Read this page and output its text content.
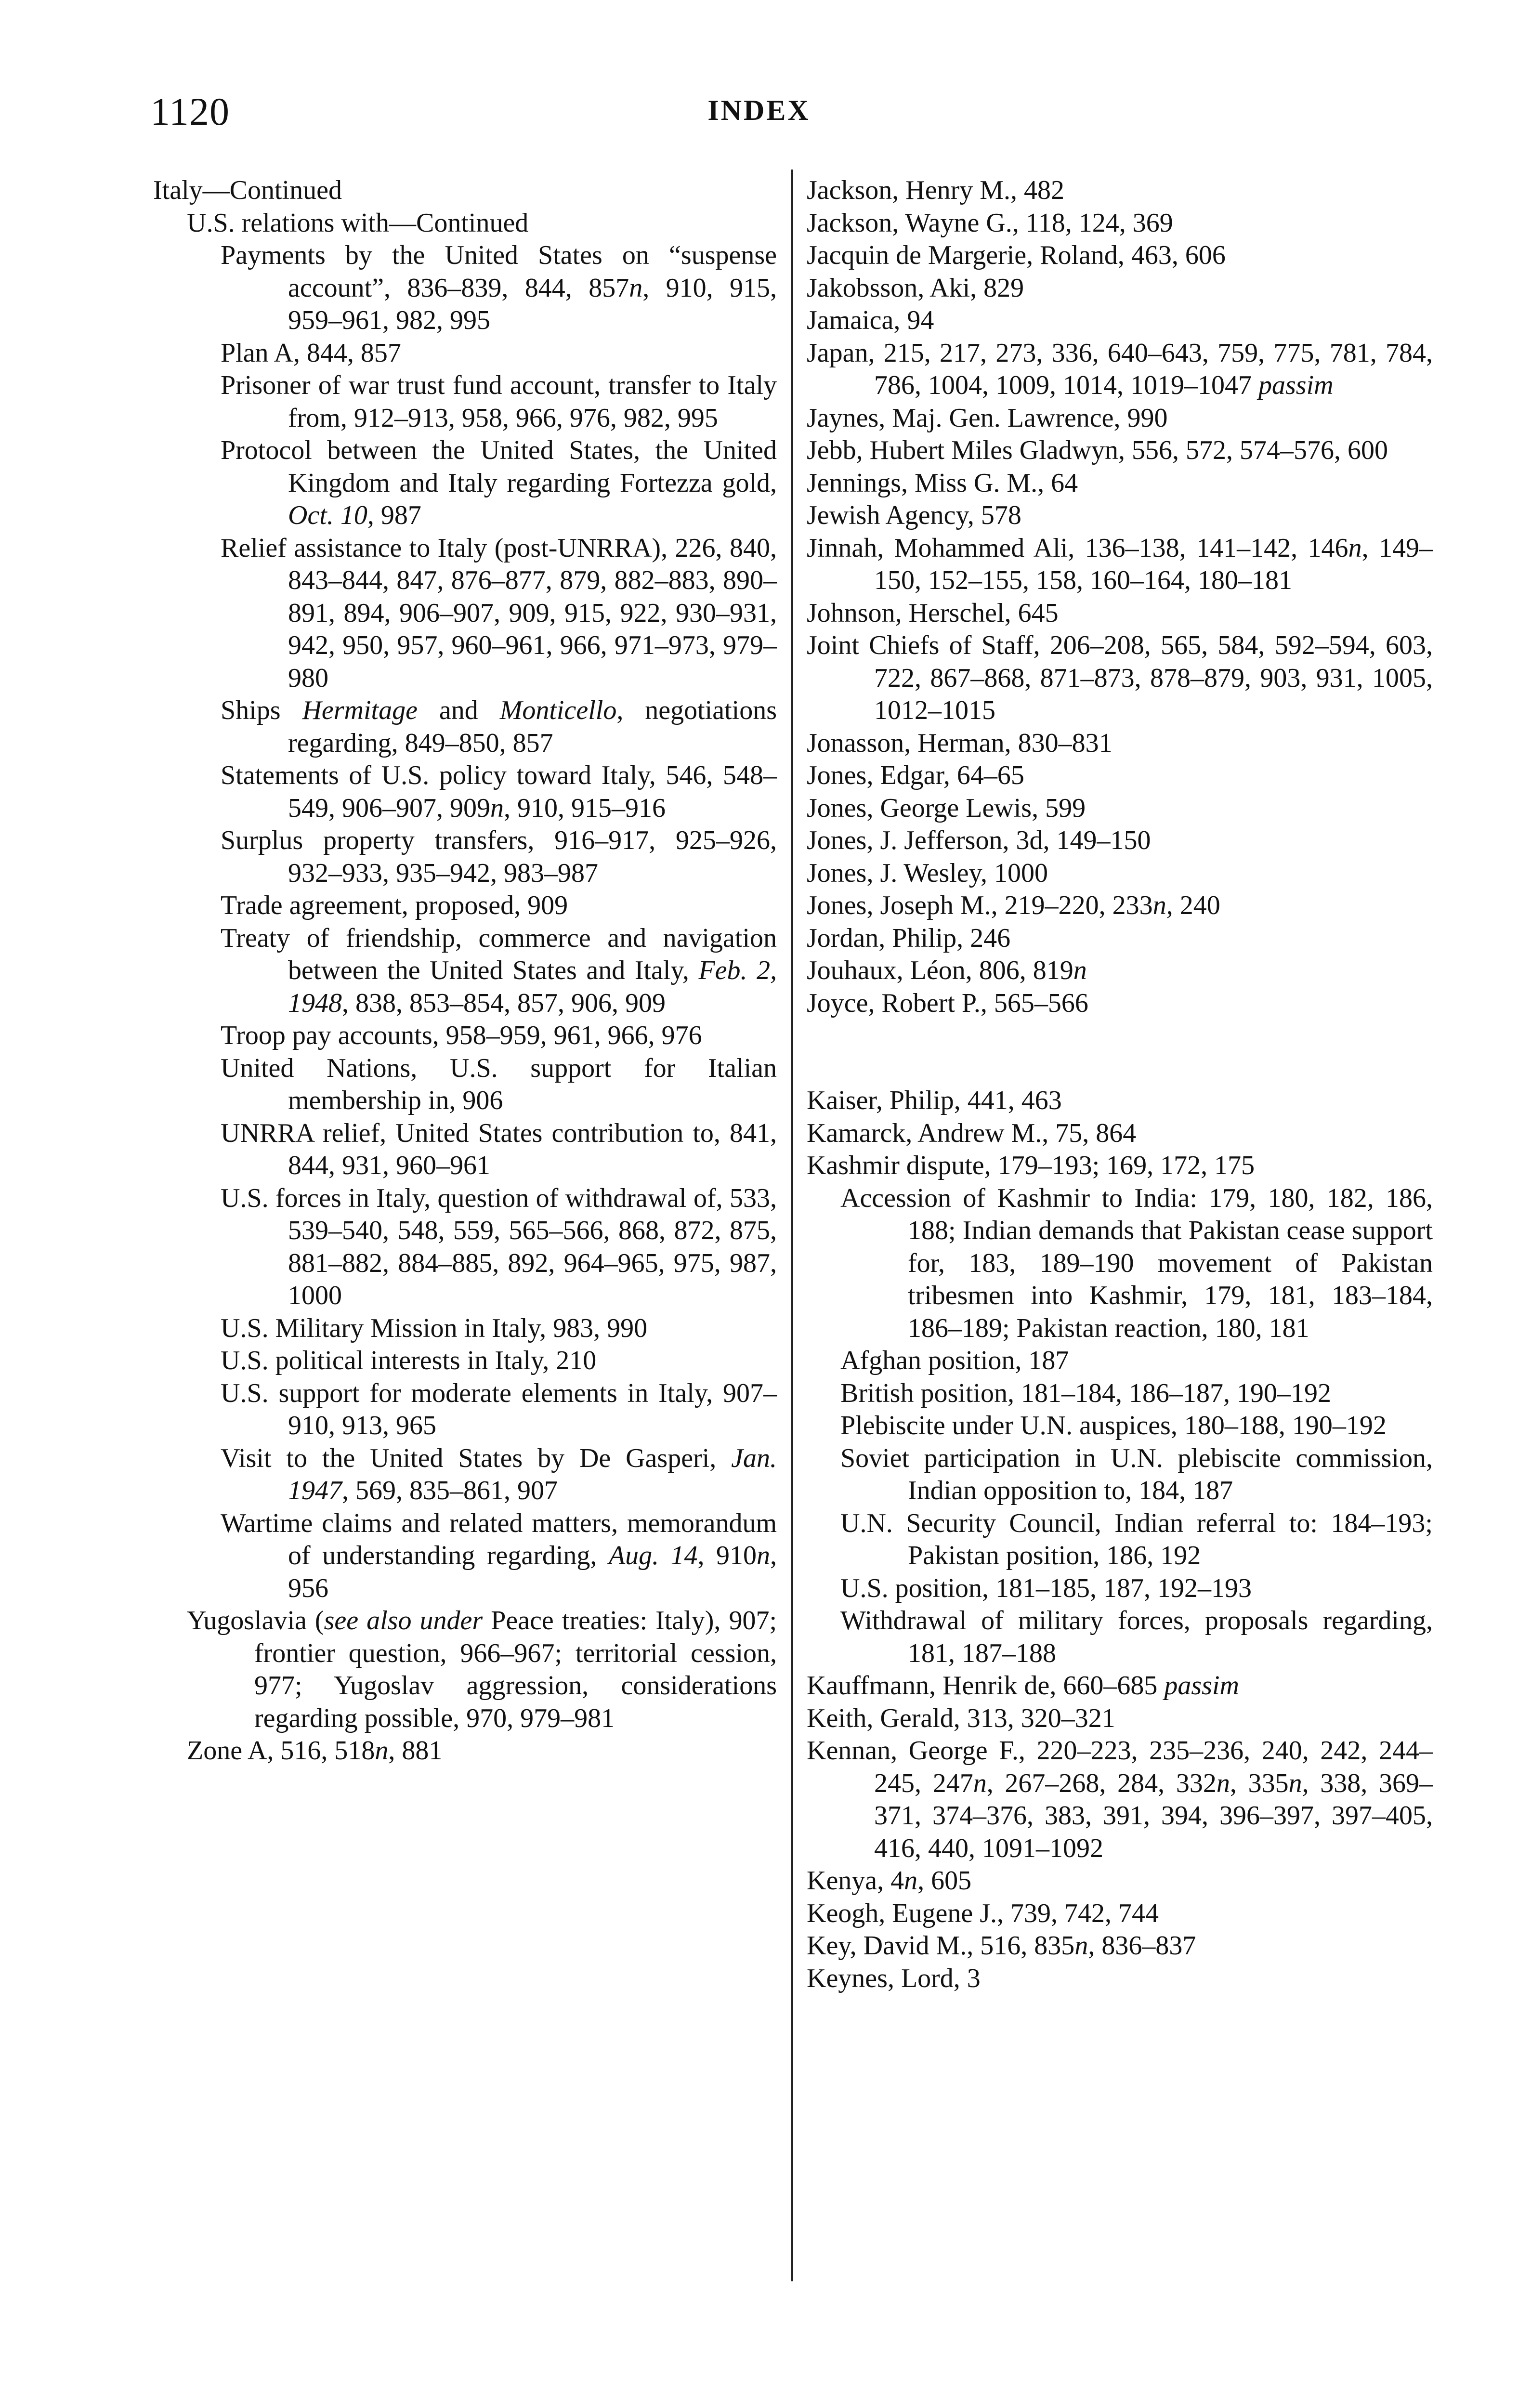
1120	INDEX
Italy—Continued
U.S. relations with—Continued
Payments by the United States on “suspense account”, 836–839, 844, 857n, 910, 915, 959–961, 982, 995
Plan A, 844, 857
Prisoner of war trust fund account, transfer to Italy from, 912–913, 958, 966, 976, 982, 995
Protocol between the United States, the United Kingdom and Italy regarding Fortezza gold, Oct. 10, 987
Relief assistance to Italy (post-UNRRA), 226, 840, 843–844, 847, 876–877, 879, 882–883, 890–891, 894, 906–907, 909, 915, 922, 930–931, 942, 950, 957, 960–961, 966, 971–973, 979–980
Ships Hermitage and Monticello, negotiations regarding, 849–850, 857
Statements of U.S. policy toward Italy, 546, 548–549, 906–907, 909n, 910, 915–916
Surplus property transfers, 916–917, 925–926, 932–933, 935–942, 983–987
Trade agreement, proposed, 909
Treaty of friendship, commerce and navigation between the United States and Italy, Feb. 2, 1948, 838, 853–854, 857, 906, 909
Troop pay accounts, 958–959, 961, 966, 976
United Nations, U.S. support for Italian membership in, 906
UNRRA relief, United States contribution to, 841, 844, 931, 960–961
U.S. forces in Italy, question of withdrawal of, 533, 539–540, 548, 559, 565–566, 868, 872, 875, 881–882, 884–885, 892, 964–965, 975, 987, 1000
U.S. Military Mission in Italy, 983, 990
U.S. political interests in Italy, 210
U.S. support for moderate elements in Italy, 907–910, 913, 965
Visit to the United States by De Gasperi, Jan. 1947, 569, 835–861, 907
Wartime claims and related matters, memorandum of understanding regarding, Aug. 14, 910n, 956
Yugoslavia (see also under Peace treaties: Italy), 907; frontier question, 966–967; territorial cession, 977; Yugoslav aggression, considerations regarding possible, 970, 979–981
Zone A, 516, 518n, 881
Jackson, Henry M., 482
Jackson, Wayne G., 118, 124, 369
Jacquin de Margerie, Roland, 463, 606
Jakobsson, Aki, 829
Jamaica, 94
Japan, 215, 217, 273, 336, 640–643, 759, 775, 781, 784, 786, 1004, 1009, 1014, 1019–1047 passim
Jaynes, Maj. Gen. Lawrence, 990
Jebb, Hubert Miles Gladwyn, 556, 572, 574–576, 600
Jennings, Miss G. M., 64
Jewish Agency, 578
Jinnah, Mohammed Ali, 136–138, 141–142, 146n, 149–150, 152–155, 158, 160–164, 180–181
Johnson, Herschel, 645
Joint Chiefs of Staff, 206–208, 565, 584, 592–594, 603, 722, 867–868, 871–873, 878–879, 903, 931, 1005, 1012–1015
Jonasson, Herman, 830–831
Jones, Edgar, 64–65
Jones, George Lewis, 599
Jones, J. Jefferson, 3d, 149–150
Jones, J. Wesley, 1000
Jones, Joseph M., 219–220, 233n, 240
Jordan, Philip, 246
Jouhaux, Léon, 806, 819n
Joyce, Robert P., 565–566
Kaiser, Philip, 441, 463
Kamarck, Andrew M., 75, 864
Kashmir dispute, 179–193; 169, 172, 175
Accession of Kashmir to India: 179, 180, 182, 186, 188; Indian demands that Pakistan cease support for, 183, 189–190 movement of Pakistan tribesmen into Kashmir, 179, 181, 183–184, 186–189; Pakistan reaction, 180, 181
Afghan position, 187
British position, 181–184, 186–187, 190–192
Plebiscite under U.N. auspices, 180–188, 190–192
Soviet participation in U.N. plebiscite commission, Indian opposition to, 184, 187
U.N. Security Council, Indian referral to: 184–193; Pakistan position, 186, 192
U.S. position, 181–185, 187, 192–193
Withdrawal of military forces, proposals regarding, 181, 187–188
Kauffmann, Henrik de, 660–685 passim
Keith, Gerald, 313, 320–321
Kennan, George F., 220–223, 235–236, 240, 242, 244–245, 247n, 267–268, 284, 332n, 335n, 338, 369–371, 374–376, 383, 391, 394, 396–397, 397–405, 416, 440, 1091–1092
Kenya, 4n, 605
Keogh, Eugene J., 739, 742, 744
Key, David M., 516, 835n, 836–837
Keynes, Lord, 3
